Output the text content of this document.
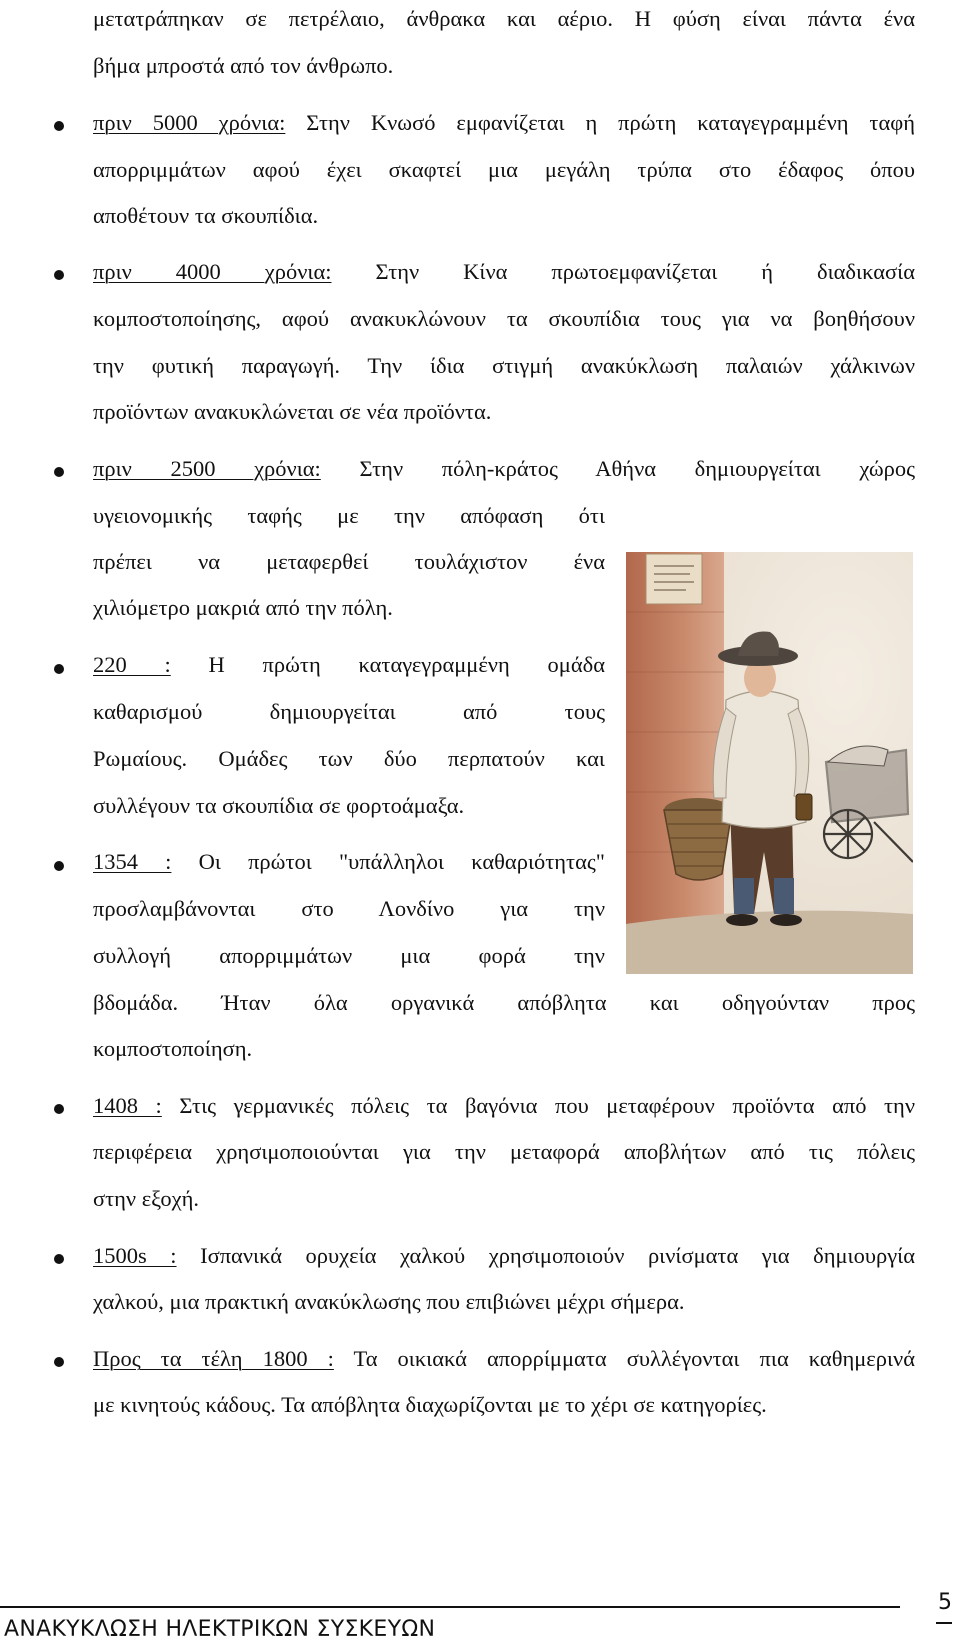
μετατράπηκαν σε πετρέλαιο, άνθρακα και αέριο. Η φύση είναι πάντα ένα
βήμα μπροστά από τον άνθρωπο.
πριν 5000 χρόνια: Στην Κνωσό εμφανίζεται η πρώτη καταγεγραμμένη ταφή
απορριμμάτων αφού έχει σκαφτεί μια μεγάλη τρύπα στο έδαφος όπου
αποθέτουν τα σκουπίδια.
πριν 4000 χρόνια: Στην Κίνα πρωτοεμφανίζεται ή διαδικασία
κομποστοποίησης, αφού ανακυκλώνουν τα σκουπίδια τους για να βοηθήσουν
την φυτική παραγωγή. Την ίδια στιγμή ανακύκλωση παλαιών χάλκινων
προϊόντων ανακυκλώνεται σε νέα προϊόντα.
πριν 2500 χρόνια: Στην πόλη-κράτος Αθήνα δημιουργείται χώρος
υγειονομικής ταφής με την απόφαση ότι
πρέπει να μεταφερθεί τουλάχιστον ένα
χιλιόμετρο μακριά από την πόλη.
220 : Η πρώτη καταγεγραμμένη ομάδα
καθαρισμού δημιουργείται από τους
Ρωμαίους. Ομάδες των δύο περπατούν και
συλλέγουν τα σκουπίδια σε φορτοάμαξα.
1354 : Οι πρώτοι "υπάλληλοι καθαριότητας"
προσλαμβάνονται στο Λονδίνο για την
συλλογή απορριμμάτων μια φορά την
βδομάδα. Ήταν όλα οργανικά απόβλητα και οδηγούνταν προς
κομποστοποίηση.
1408 : Στις γερμανικές πόλεις τα βαγόνια που μεταφέρουν προϊόντα από την
περιφέρεια χρησιμοποιούνται για την μεταφορά αποβλήτων από τις πόλεις
στην εξοχή.
1500s : Ισπανικά ορυχεία χαλκού χρησιμοποιούν ρινίσματα για δημιουργία
χαλκού, μια πρακτική ανακύκλωσης που επιβιώνει μέχρι σήμερα.
Προς τα τέλη 1800 : Τα οικιακά απορρίμματα συλλέγονται πια καθημερινά
με κινητούς κάδους. Τα απόβλητα διαχωρίζονται με το χέρι σε κατηγορίες.
5
ΑΝΑΚΥΚΛΩΣΗ ΗΛΕΚΤΡΙΚΩΝ ΣΥΣΚΕΥΩΝ
